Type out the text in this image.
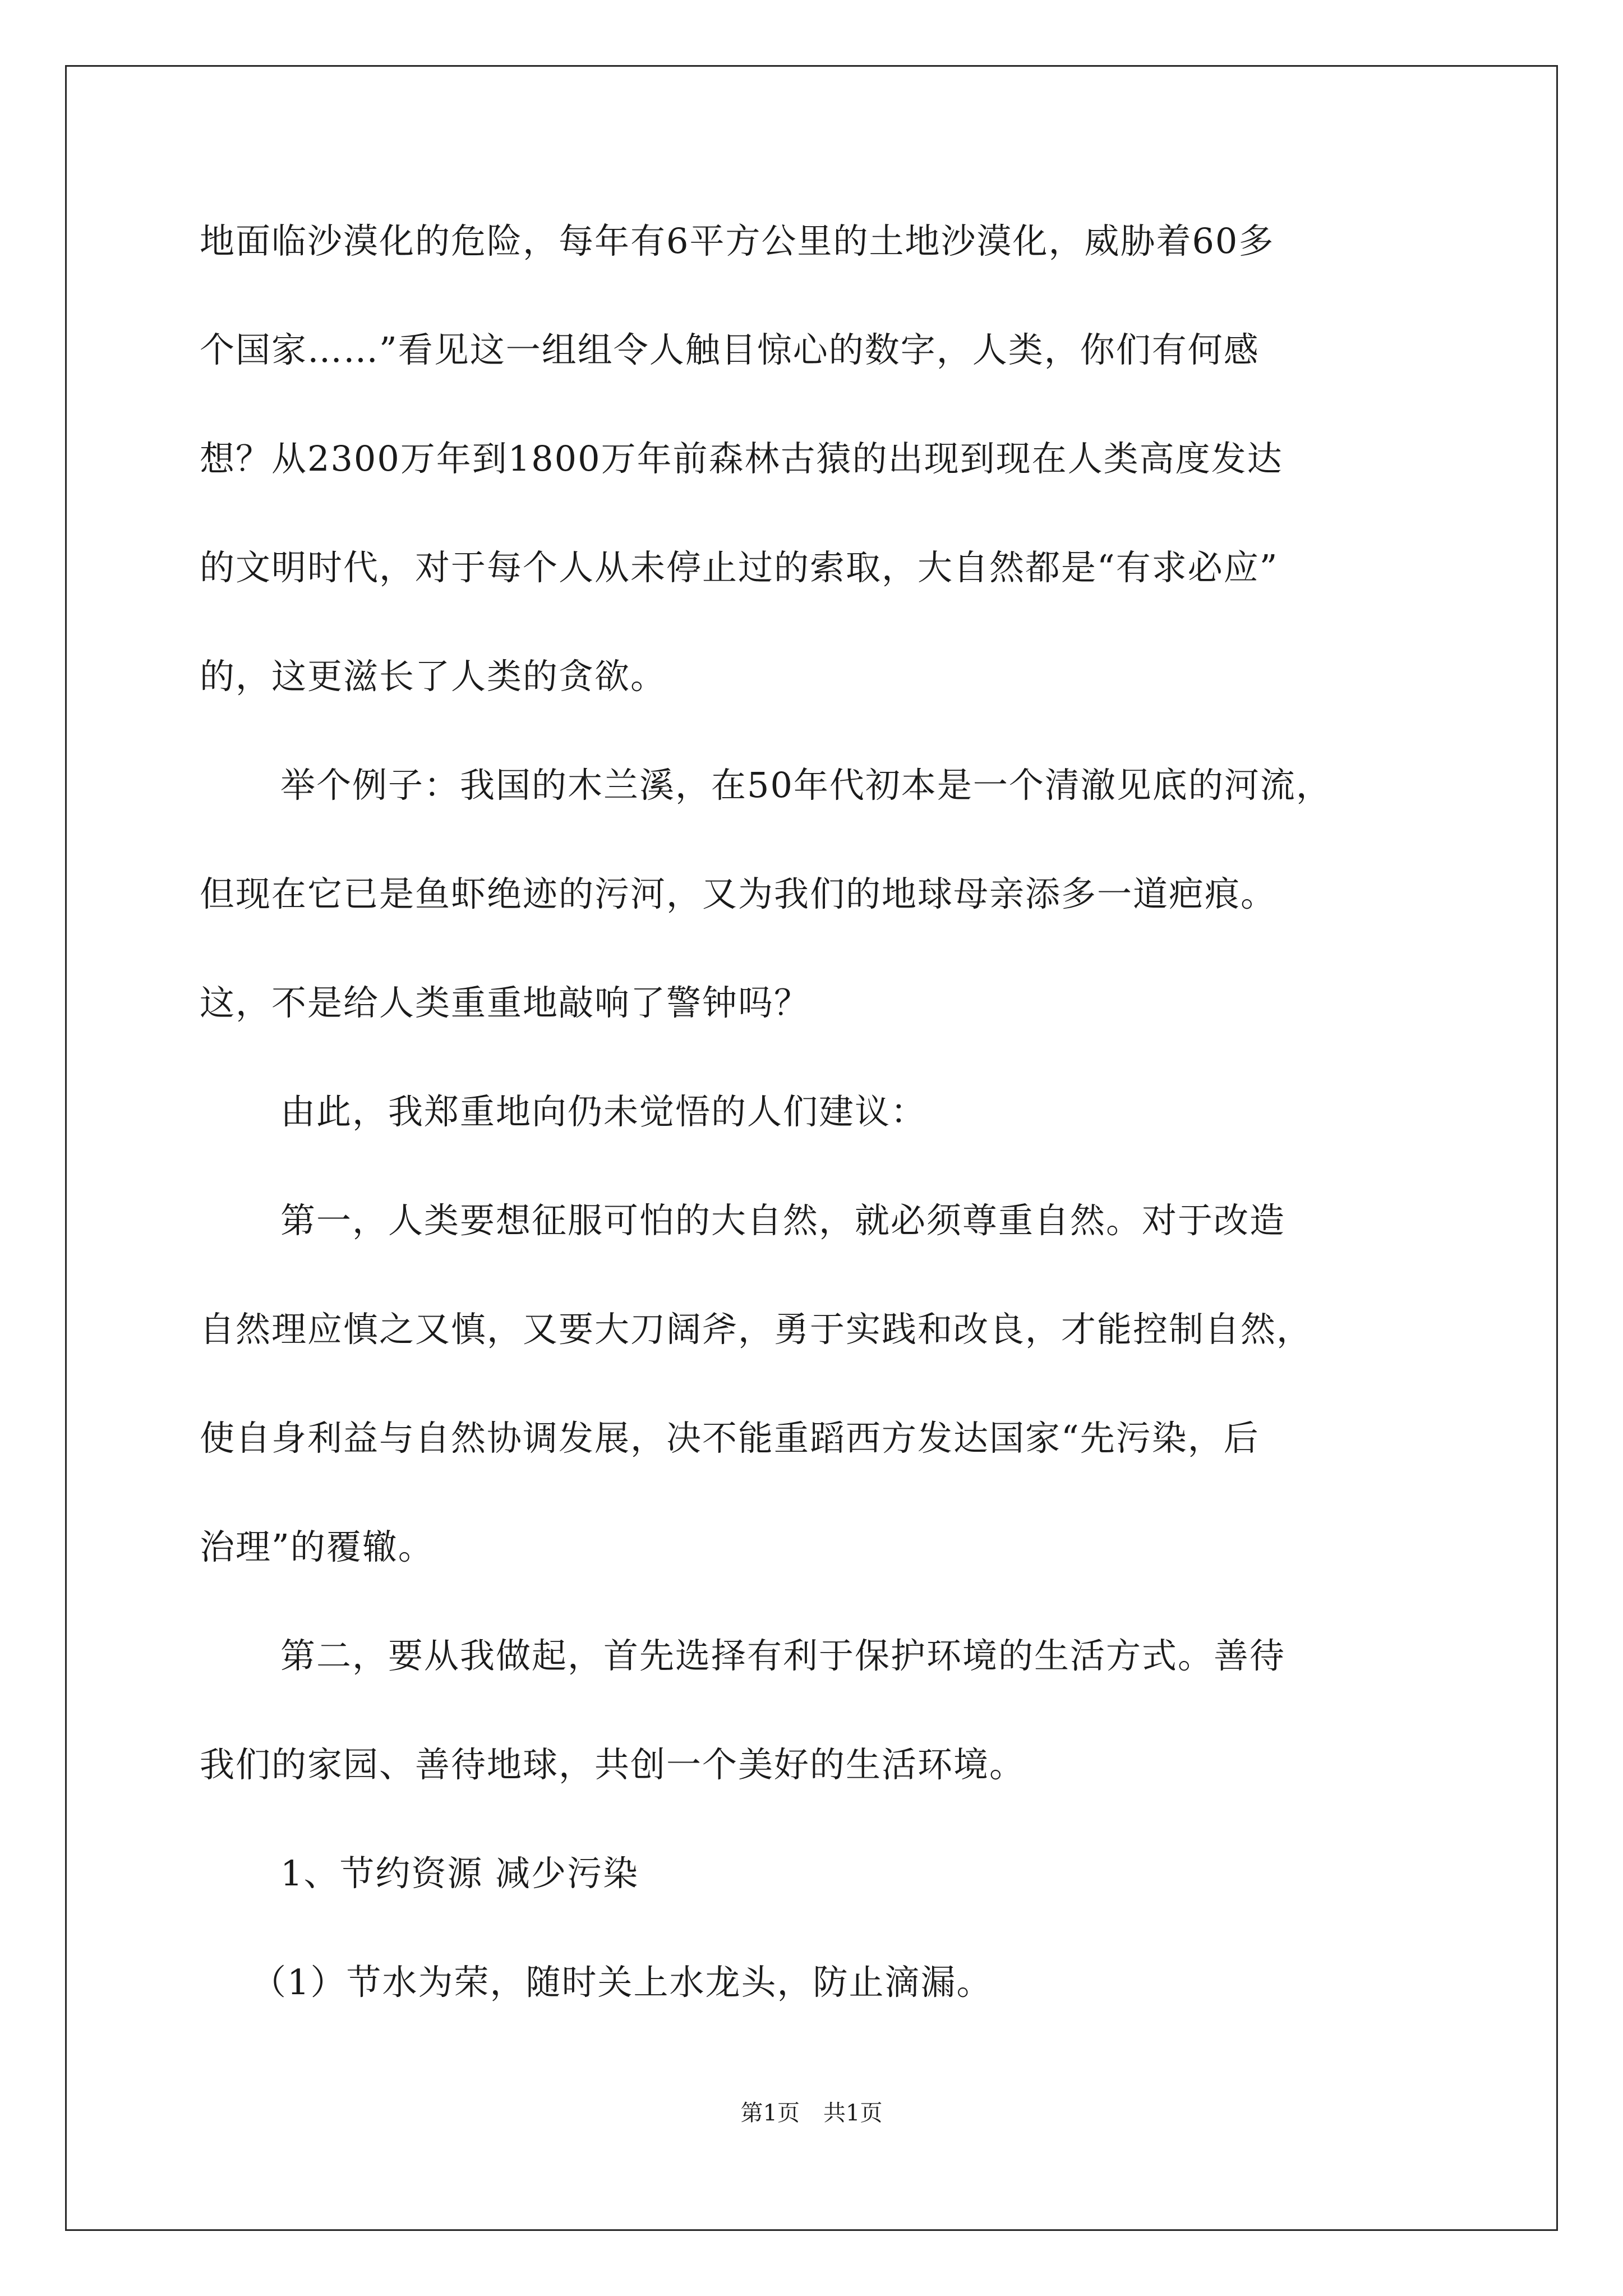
地面临沙漠化的危险，每年有6平方公里的土地沙漠化，威胁着60多
个国家……”看见这一组组令人触目惊心的数字，人类，你们有何感
想？从2300万年到1800万年前森林古猿的出现到现在人类高度发达
的文明时代，对于每个人从未停止过的索取，大自然都是“有求必应”
的，这更滋长了人类的贪欲。
举个例子：我国的木兰溪，在50年代初本是一个清澈见底的河流，
但现在它已是鱼虾绝迹的污河，又为我们的地球母亲添多一道疤痕。
这，不是给人类重重地敲响了警钟吗？
由此，我郑重地向仍未觉悟的人们建议：
第一，人类要想征服可怕的大自然，就必须尊重自然。对于改造
自然理应慎之又慎，又要大刀阔斧，勇于实践和改良，才能控制自然，
使自身利益与自然协调发展，决不能重蹈西方发达国家“先污染，后
治理”的覆辙。
第二，要从我做起，首先选择有利于保护环境的生活方式。善待
我们的家园、善待地球，共创一个美好的生活环境。
1、节约资源 减少污染
（1）节水为荣，随时关上水龙头，防止滴漏。
第1页 共1页
